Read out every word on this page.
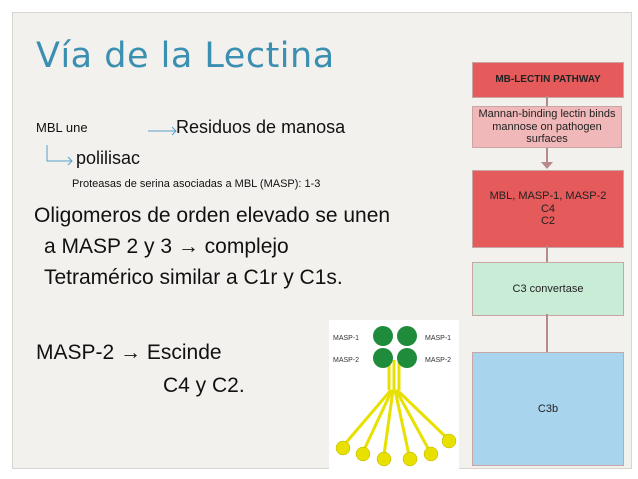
Vía de la Lectina
MBL une	Residuos de manosa
polilisac
Proteasas de serina asociadas a MBL (MASP): 1-3
Oligomeros de orden elevado se unen
a MASP 2 y 3 → complejo
Tetramérico similar a C1r y C1s.
MASP-2 → Escinde
C4 y C2.
MB-LECTIN PATHWAY
Mannan-binding lectin binds mannose on pathogen surfaces
MBL, MASP-1, MASP-2
C4
C2
C3 convertase
C3b
MASP-1	MASP-1
MASP-2	MASP-2
